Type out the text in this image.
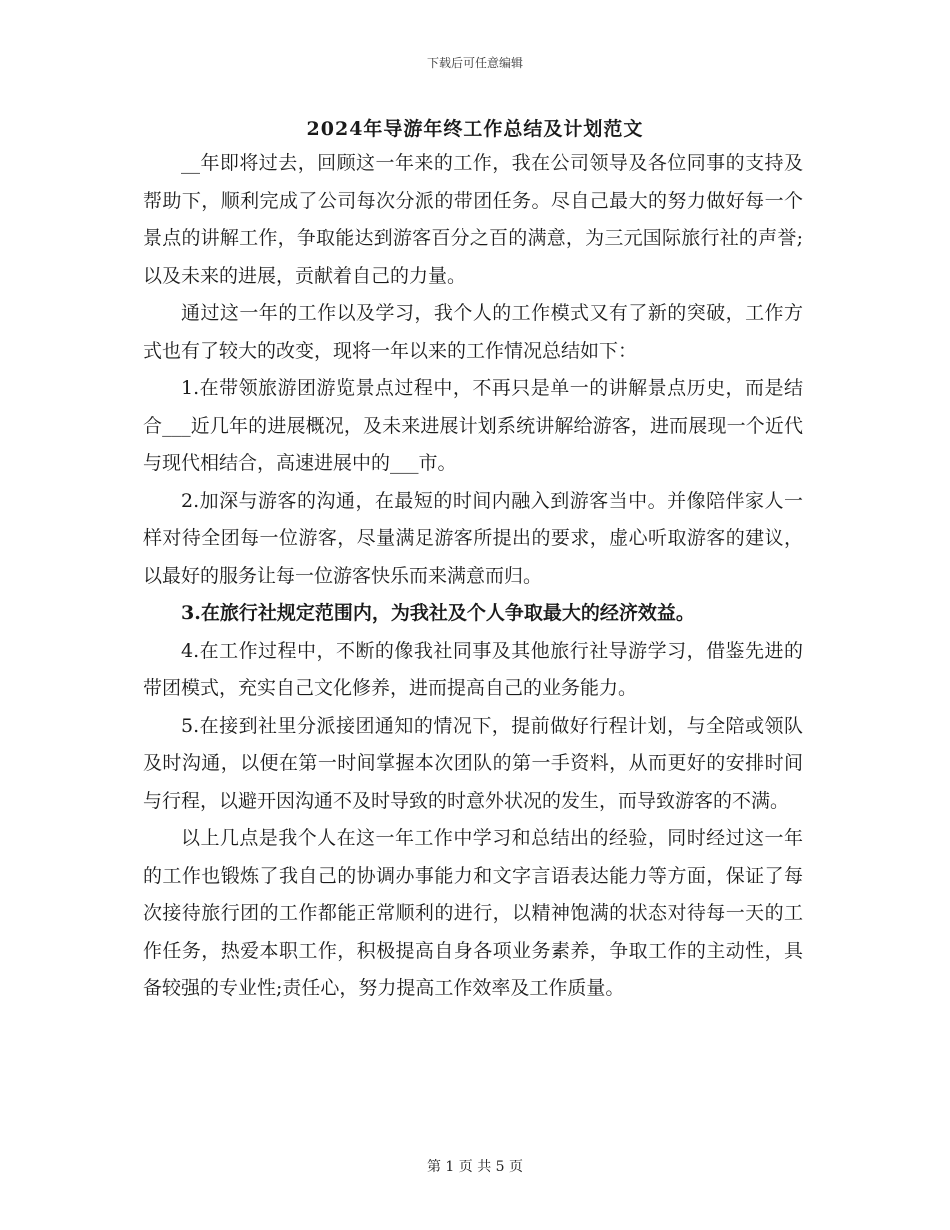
下载后可任意编辑
2024年导游年终工作总结及计划范文

__年即将过去，回顾这一年来的工作，我在公司领导及各位同事的支持及帮助下，顺利完成了公司每次分派的带团任务。尽自己最大的努力做好每一个景点的讲解工作，争取能达到游客百分之百的满意，为三元国际旅行社的声誉;以及未来的进展，贡献着自己的力量。

通过这一年的工作以及学习，我个人的工作模式又有了新的突破，工作方式也有了较大的改变，现将一年以来的工作情况总结如下：

1.在带领旅游团游览景点过程中，不再只是单一的讲解景点历史，而是结合___近几年的进展概况，及未来进展计划系统讲解给游客，进而展现一个近代与现代相结合，高速进展中的___市。

2.加深与游客的沟通，在最短的时间内融入到游客当中。并像陪伴家人一样对待全团每一位游客，尽量满足游客所提出的要求，虚心听取游客的建议，以最好的服务让每一位游客快乐而来满意而归。

3.在旅行社规定范围内，为我社及个人争取最大的经济效益。

4.在工作过程中，不断的像我社同事及其他旅行社导游学习，借鉴先进的带团模式，充实自己文化修养，进而提高自己的业务能力。

5.在接到社里分派接团通知的情况下，提前做好行程计划，与全陪或领队及时沟通，以便在第一时间掌握本次团队的第一手资料，从而更好的安排时间与行程，以避开因沟通不及时导致的时意外状况的发生，而导致游客的不满。

以上几点是我个人在这一年工作中学习和总结出的经验，同时经过这一年的工作也锻炼了我自己的协调办事能力和文字言语表达能力等方面，保证了每次接待旅行团的工作都能正常顺利的进行，以精神饱满的状态对待每一天的工作任务，热爱本职工作，积极提高自身各项业务素养，争取工作的主动性，具备较强的专业性;责任心，努力提高工作效率及工作质量。

第 1 页 共 5 页
